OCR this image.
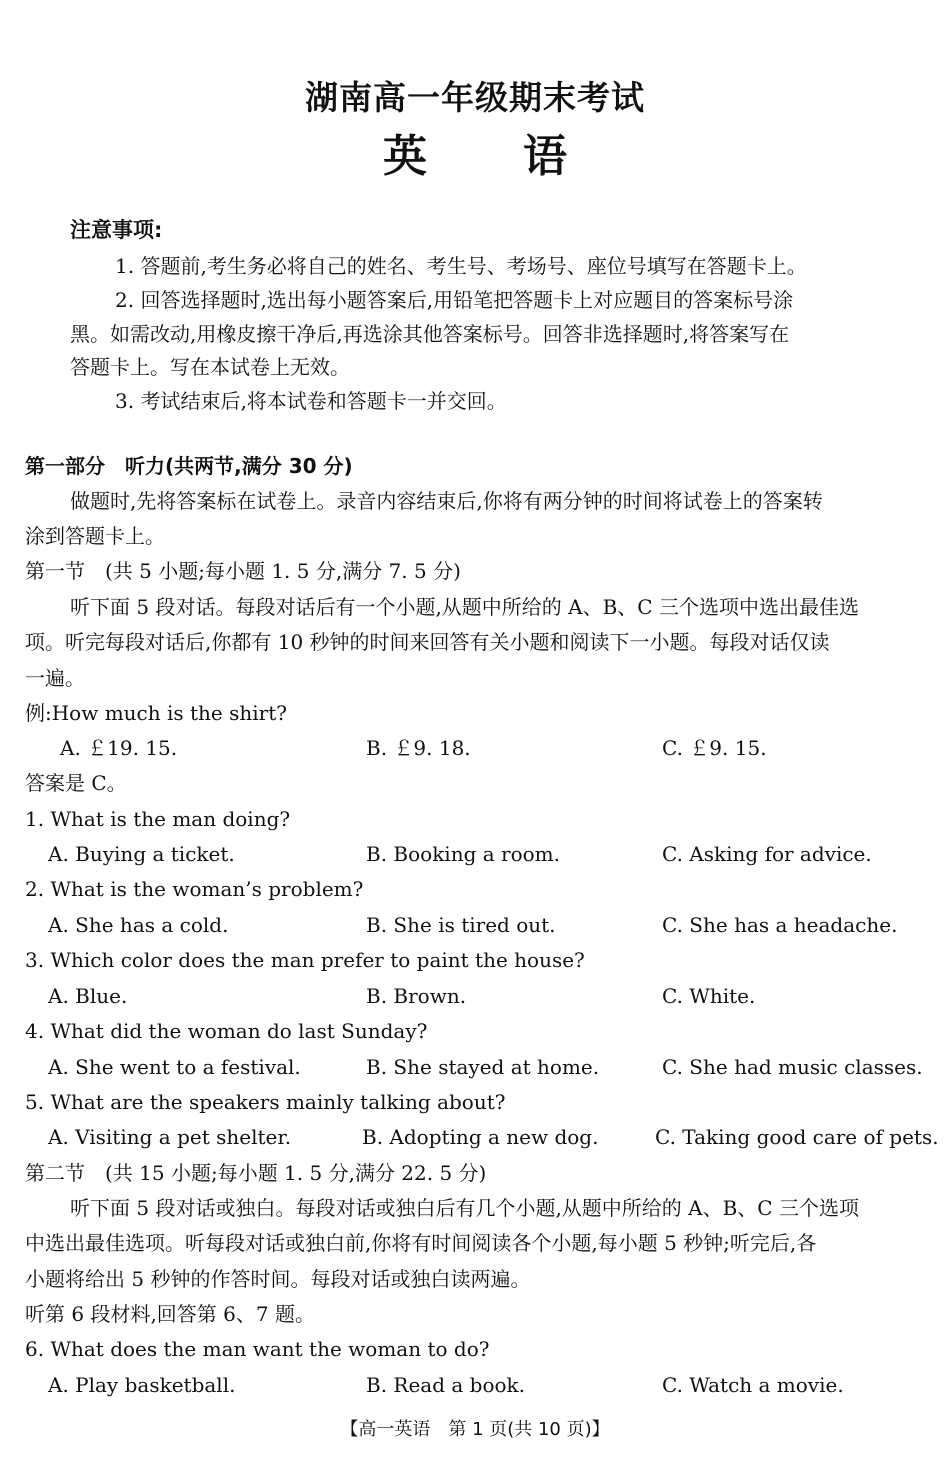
湖南高一年级期末考试
英 语
注意事项:
1. 答题前,考生务必将自己的姓名、考生号、考场号、座位号填写在答题卡上。
2. 回答选择题时,选出每小题答案后,用铅笔把答题卡上对应题目的答案标号涂
黑。如需改动,用橡皮擦干净后,再选涂其他答案标号。回答非选择题时,将答案写在
答题卡上。写在本试卷上无效。
3. 考试结束后,将本试卷和答题卡一并交回。
第一部分　听力(共两节,满分 30 分)
做题时,先将答案标在试卷上。录音内容结束后,你将有两分钟的时间将试卷上的答案转
涂到答题卡上。
第一节　(共 5 小题;每小题 1. 5 分,满分 7. 5 分)
听下面 5 段对话。每段对话后有一个小题,从题中所给的 A、B、C 三个选项中选出最佳选
项。听完每段对话后,你都有 10 秒钟的时间来回答有关小题和阅读下一小题。每段对话仅读
一遍。
例:How much is the shirt?
A. ￡19. 15.	B. ￡9. 18.	C. ￡9. 15.
答案是 C。
1. What is the man doing?
A. Buying a ticket.	B. Booking a room.	C. Asking for advice.
2. What is the woman’s problem?
A. She has a cold.	B. She is tired out.	C. She has a headache.
3. Which color does the man prefer to paint the house?
A. Blue.	B. Brown.	C. White.
4. What did the woman do last Sunday?
A. She went to a festival.	B. She stayed at home.	C. She had music classes.
5. What are the speakers mainly talking about?
A. Visiting a pet shelter.	B. Adopting a new dog.	C. Taking good care of pets.
第二节　(共 15 小题;每小题 1. 5 分,满分 22. 5 分)
听下面 5 段对话或独白。每段对话或独白后有几个小题,从题中所给的 A、B、C 三个选项
中选出最佳选项。听每段对话或独白前,你将有时间阅读各个小题,每小题 5 秒钟;听完后,各
小题将给出 5 秒钟的作答时间。每段对话或独白读两遍。
听第 6 段材料,回答第 6、7 题。
6. What does the man want the woman to do?
A. Play basketball.	B. Read a book.	C. Watch a movie.
【高一英语　第 1 页(共 10 页)】
